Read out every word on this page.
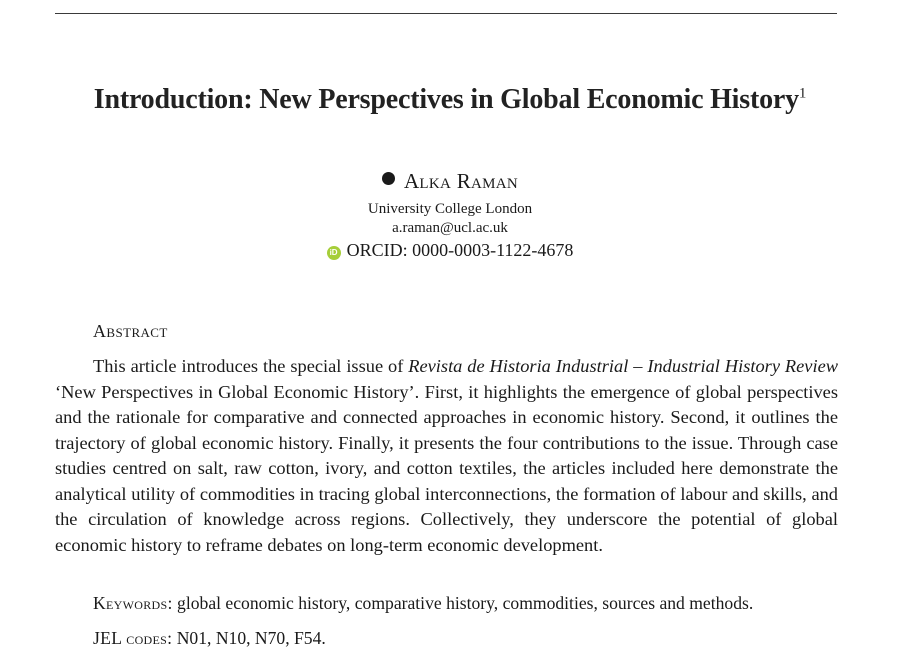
Introduction: New Perspectives in Global Economic History$^1$
Alka Raman
University College London
a.raman@ucl.ac.uk
iD ORCID: 0000-0003-1122-4678
Abstract
This article introduces the special issue of Revista de Historia Industrial – Industrial History Review ‘New Perspectives in Global Economic History’. First, it highlights the emergence of global perspectives and the rationale for comparative and connected approaches in economic history. Second, it outlines the trajectory of global economic history. Finally, it presents the four contributions to the issue. Through case studies centred on salt, raw cotton, ivory, and cotton textiles, the articles included here demonstrate the analytical utility of commodities in tracing global interconnections, the formation of labour and skills, and the circulation of knowledge across regions. Collectively, they underscore the potential of global economic history to reframe debates on long-term economic development.
Keywords: global economic history, comparative history, commodities, sources and methods.
JEL codes: N01, N10, N70, F54.
